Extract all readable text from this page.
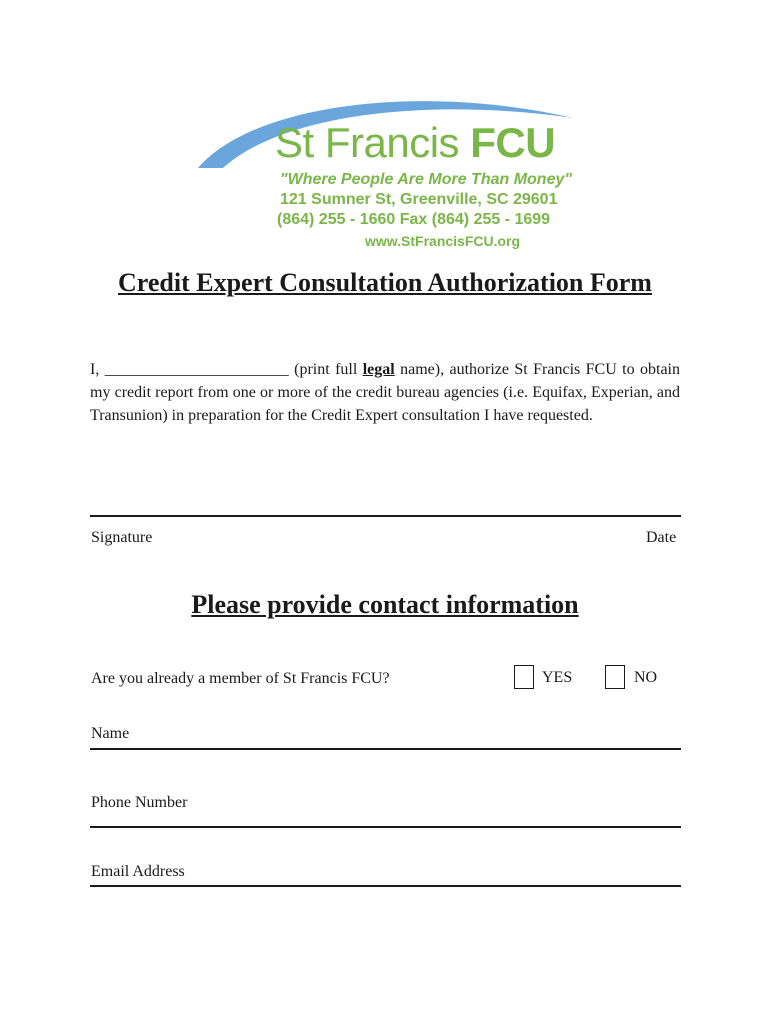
St Francis FCU
"Where People Are More Than Money"
121 Sumner St, Greenville, SC 29601
(864) 255 - 1660 Fax (864) 255 - 1699
www.StFrancisFCU.org
Credit Expert Consultation Authorization Form
I, _______________________ (print full legal name), authorize St Francis FCU to obtain my credit report from one or more of the credit bureau agencies (i.e. Equifax, Experian, and Transunion) in preparation for the Credit Expert consultation I have requested.
Signature	Date
Please provide contact information
Are you already a member of St Francis FCU?	YES	NO
Name
Phone Number
Email Address
